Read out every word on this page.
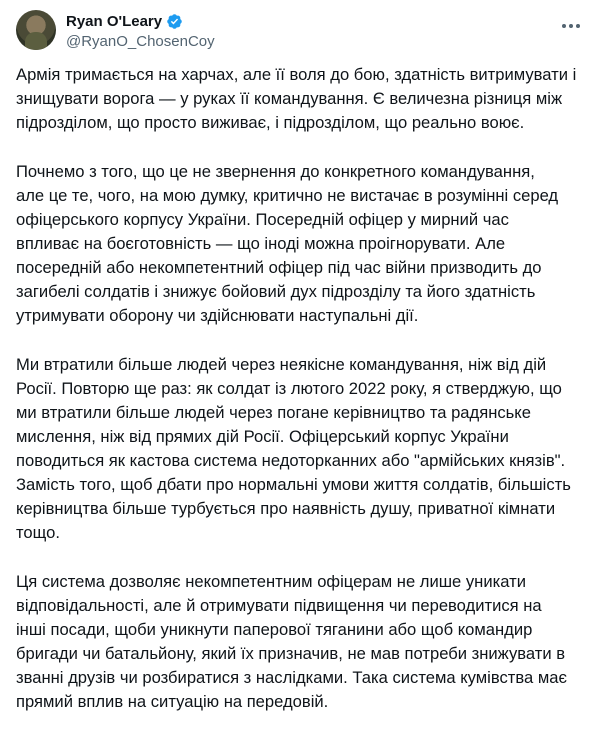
Ryan O'Leary
@RyanO_ChosenCoy

Армія тримається на харчах, але її воля до бою, здатність витримувати і
знищувати ворога — у руках її командування. Є величезна різниця між
підрозділом, що просто виживає, і підрозділом, що реально воює.

Почнемо з того, що це не звернення до конкретного командування,
але це те, чого, на мою думку, критично не вистачає в розумінні серед
офіцерського корпусу України. Посередній офіцер у мирний час
впливає на боєготовність — що іноді можна проігнорувати. Але
посередній або некомпетентний офіцер під час війни призводить до
загибелі солдатів і знижує бойовий дух підрозділу та його здатність
утримувати оборону чи здійснювати наступальні дії.

Ми втратили більше людей через неякісне командування, ніж від дій
Росії. Повторю ще раз: як солдат із лютого 2022 року, я стверджую, що
ми втратили більше людей через погане керівництво та радянське
мислення, ніж від прямих дій Росії. Офіцерський корпус України
поводиться як кастова система недоторканних або "армійських князів".
Замість того, щоб дбати про нормальні умови життя солдатів, більшість
керівництва більше турбується про наявність душу, приватної кімнати
тощо.

Ця система дозволяє некомпетентним офіцерам не лише уникати
відповідальності, але й отримувати підвищення чи переводитися на
інші посади, щоби уникнути паперової тяганини або щоб командир
бригади чи батальйону, який їх призначив, не мав потреби знижувати в
званні друзів чи розбиратися з наслідками. Така система кумівства має
прямий вплив на ситуацію на передовій.
